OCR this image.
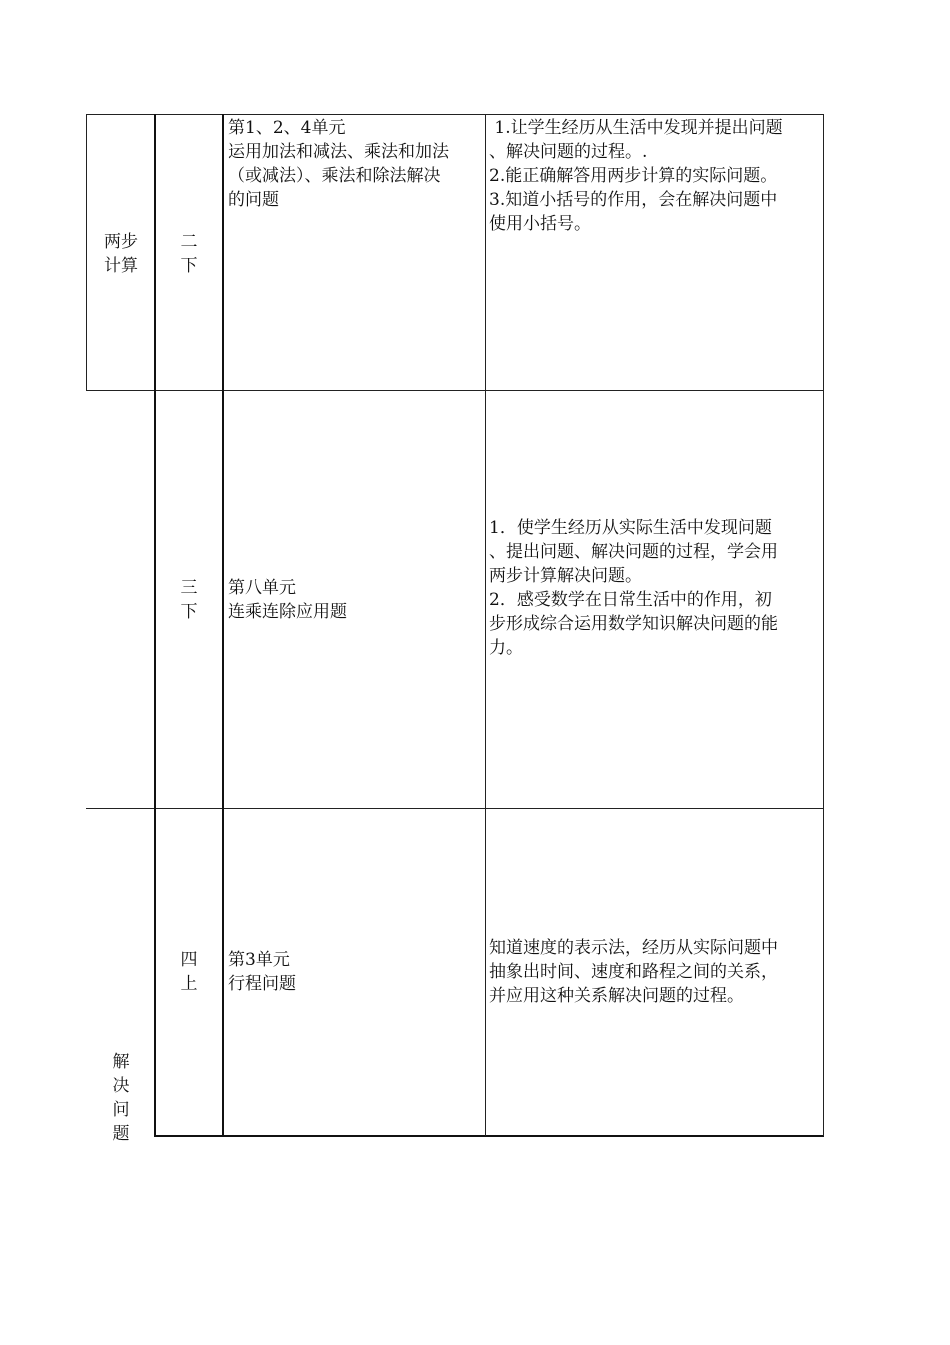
两步
计算
二
下
第1、2、4单元
运用加法和减法、乘法和加法
（或减法）、乘法和除法解决
的问题
1.让学生经历从生活中发现并提出问题
、解决问题的过程。.
2.能正确解答用两步计算的实际问题。
3.知道小括号的作用，会在解决问题中
使用小括号。
三
下
第八单元
连乘连除应用题
1．使学生经历从实际生活中发现问题
、提出问题、解决问题的过程，学会用
两步计算解决问题。
2．感受数学在日常生活中的作用，初
步形成综合运用数学知识解决问题的能
力。
解
决
问
题
四
上
第3单元
行程问题
知道速度的表示法，经历从实际问题中
抽象出时间、速度和路程之间的关系，
并应用这种关系解决问题的过程。
